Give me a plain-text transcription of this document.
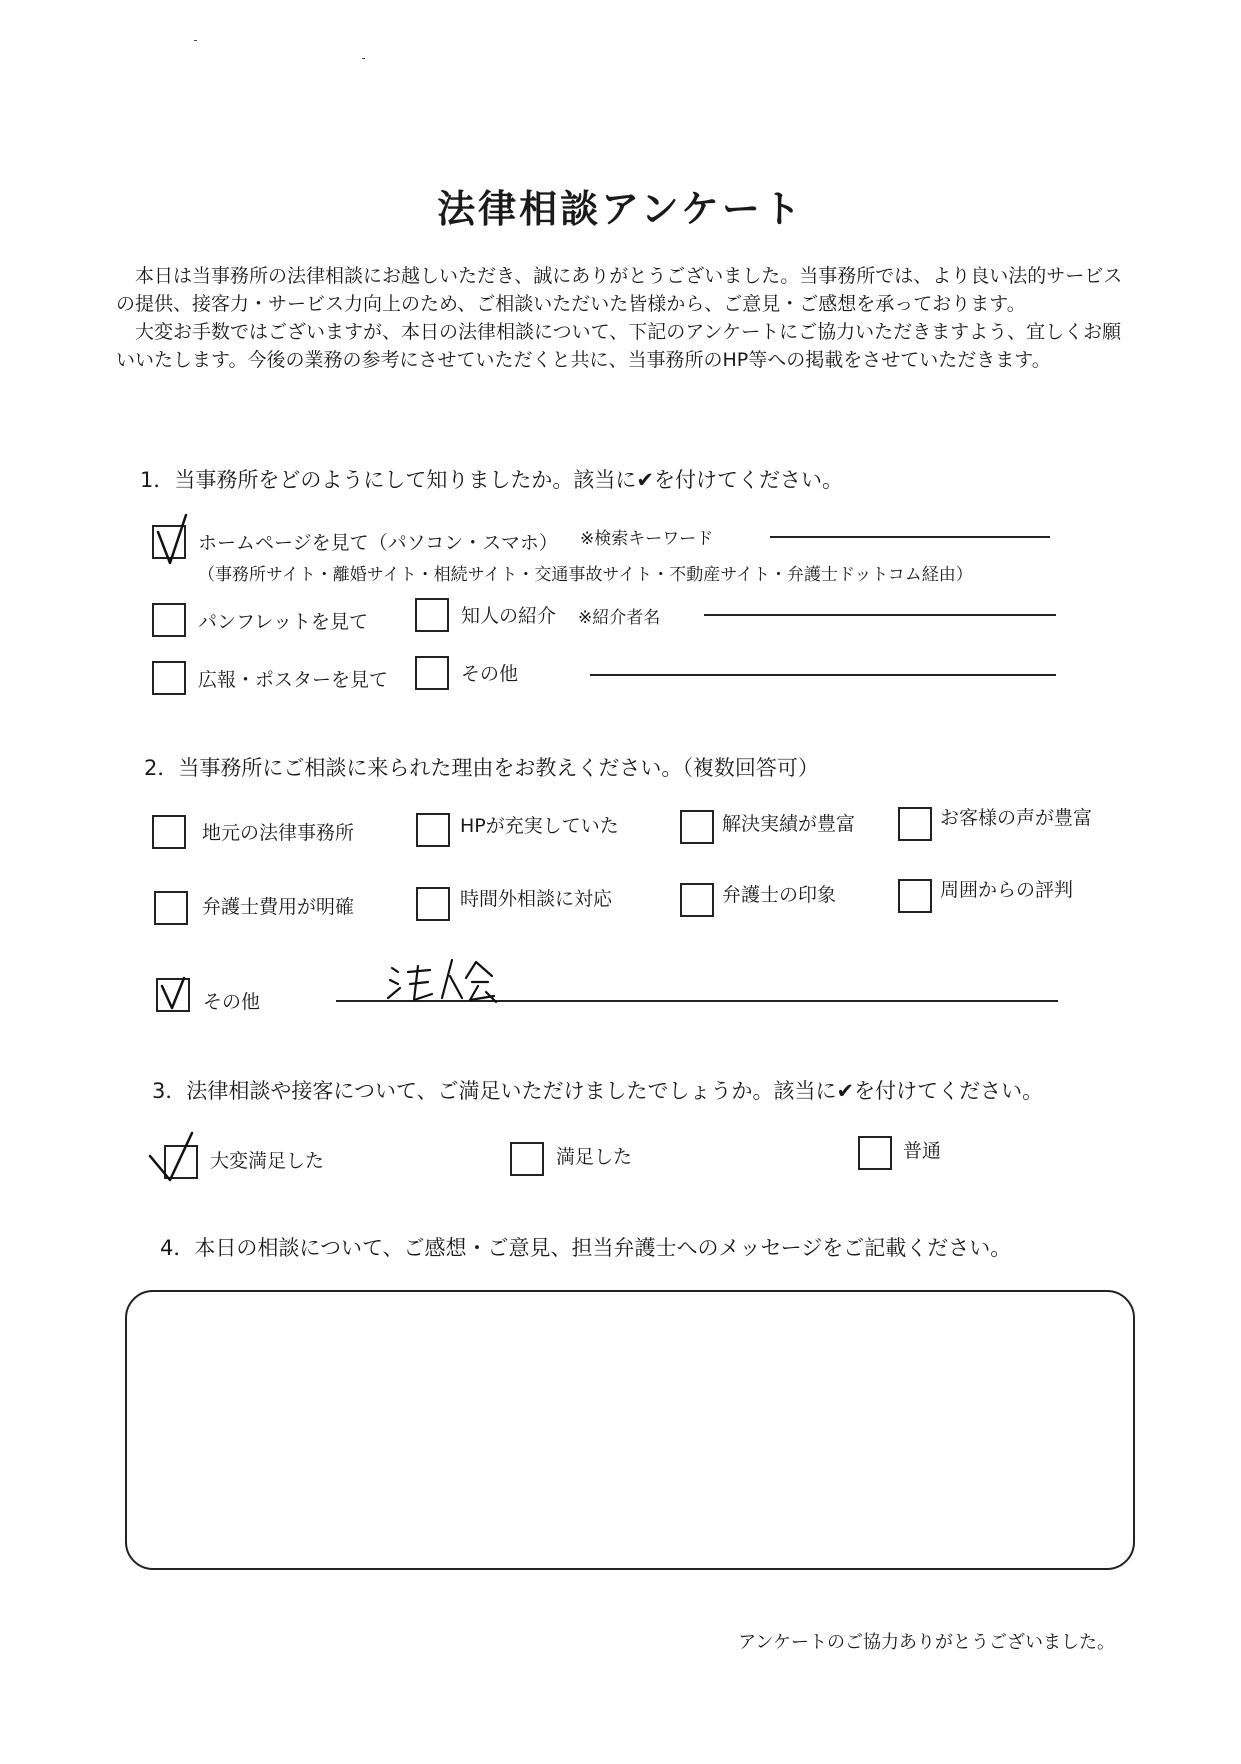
法律相談アンケート

本日は当事務所の法律相談にお越しいただき、誠にありがとうございました。当事務所では、より良い法的サービスの提供、接客力・サービス力向上のため、ご相談いただいた皆様から、ご意見・ご感想を承っております。

大変お手数ではございますが、本日の法律相談について、下記のアンケートにご協力いただきますよう、宜しくお願いいたします。今後の業務の参考にさせていただくと共に、当事務所のHP等への掲載をさせていただきます。

1．当事務所をどのようにして知りましたか。該当に✔を付けてください。
ホームページを見て（パソコン・スマホ） ※検索キーワード
（事務所サイト・離婚サイト・相続サイト・交通事故サイト・不動産サイト・弁護士ドットコム経由）
パンフレットを見て	知人の紹介 ※紹介者名
広報・ポスターを見て	その他
2．当事務所にご相談に来られた理由をお教えください。（複数回答可）
地元の法律事務所	HPが充実していた	解決実績が豊富	お客様の声が豊富
弁護士費用が明確	時間外相談に対応	弁護士の印象	周囲からの評判
その他
3．法律相談や接客について、ご満足いただけましたでしょうか。該当に✔を付けてください。
大変満足した	満足した	普通
4．本日の相談について、ご感想・ご意見、担当弁護士へのメッセージをご記載ください。
アンケートのご協力ありがとうございました。
